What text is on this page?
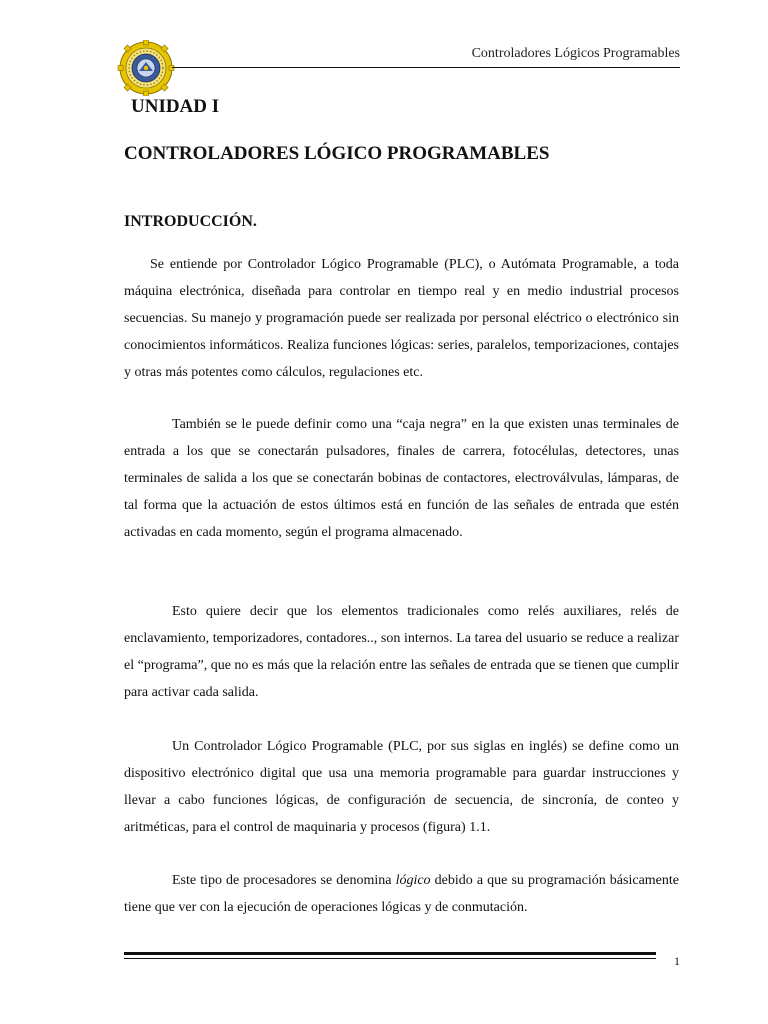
Controladores Lógicos Programables
UNIDAD I
CONTROLADORES LÓGICO PROGRAMABLES
INTRODUCCIÓN.

Se entiende por Controlador Lógico Programable (PLC), o Autómata Programable, a toda máquina electrónica, diseñada para controlar en tiempo real y en medio industrial procesos secuencias. Su manejo y programación puede ser realizada por personal eléctrico o electrónico sin conocimientos informáticos. Realiza funciones lógicas: series, paralelos, temporizaciones, contajes y otras más potentes como cálculos, regulaciones etc.

También se le puede definir como una “caja negra” en la que existen unas terminales de entrada a los que se conectarán pulsadores, finales de carrera, fotocélulas, detectores, unas terminales de salida a los que se conectarán bobinas de contactores, electroválvulas, lámparas, de tal forma que la actuación de estos últimos está en función de las señales de entrada que estén activadas en cada momento, según el programa almacenado.

Esto quiere decir que los elementos tradicionales como relés auxiliares, relés de enclavamiento, temporizadores, contadores.., son internos. La tarea del usuario se reduce a realizar el “programa”, que no es más que la relación entre las señales de entrada que se tienen que cumplir para activar cada salida.

Un Controlador Lógico Programable (PLC, por sus siglas en inglés) se define como un dispositivo electrónico digital que usa una memoria programable para guardar instrucciones y llevar a cabo funciones lógicas, de configuración de secuencia, de sincronía, de conteo y aritméticas, para el control de maquinaria y procesos (figura) 1.1.

Este tipo de procesadores se denomina lógico debido a que su programación básicamente tiene que ver con la ejecución de operaciones lógicas y de conmutación.

1
